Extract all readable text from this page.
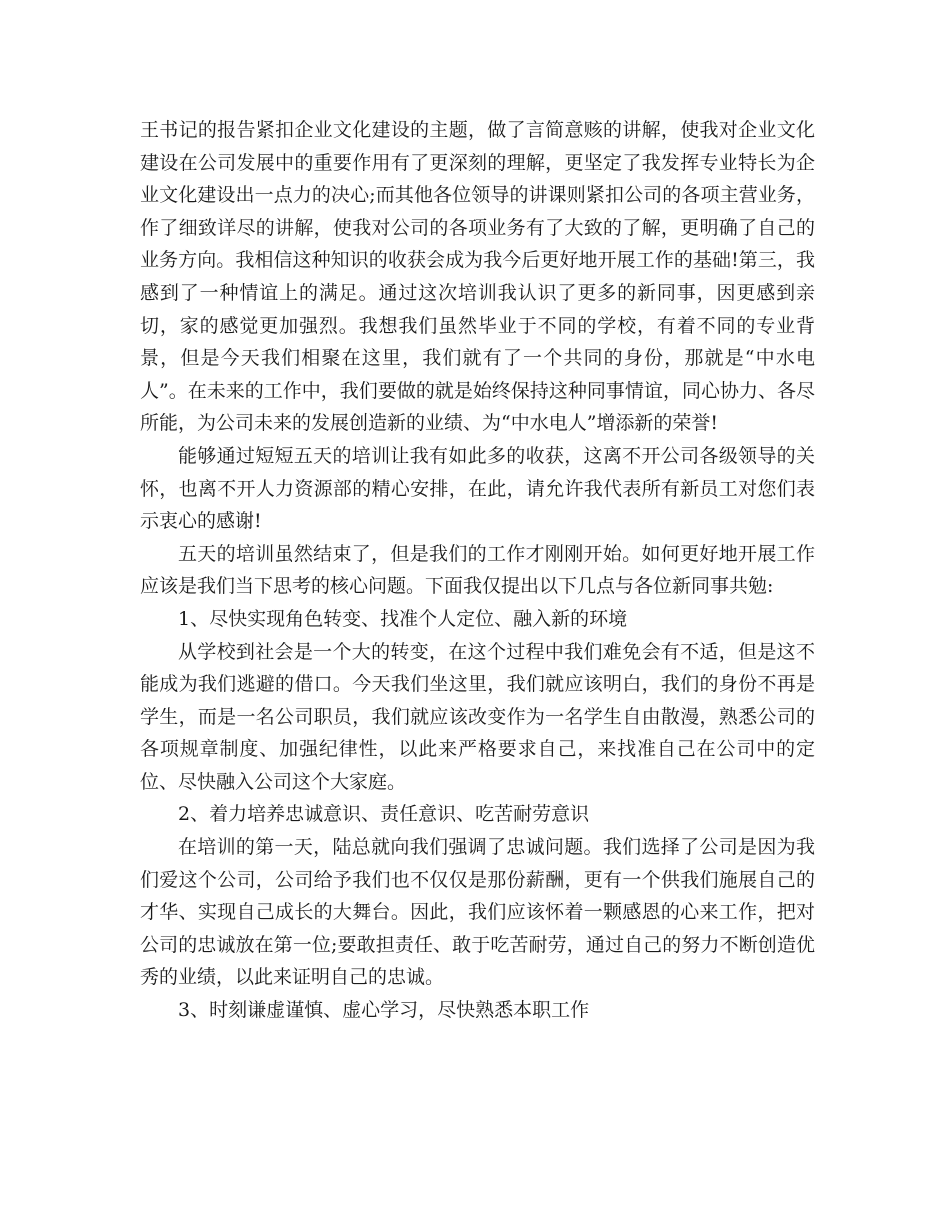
王书记的报告紧扣企业文化建设的主题，做了言简意赅的讲解，使我对企业文化建设在公司发展中的重要作用有了更深刻的理解，更坚定了我发挥专业特长为企业文化建设出一点力的决心;而其他各位领导的讲课则紧扣公司的各项主营业务，作了细致详尽的讲解，使我对公司的各项业务有了大致的了解，更明确了自己的业务方向。我相信这种知识的收获会成为我今后更好地开展工作的基础!第三，我感到了一种情谊上的满足。通过这次培训我认识了更多的新同事，因更感到亲切，家的感觉更加强烈。我想我们虽然毕业于不同的学校，有着不同的专业背景，但是今天我们相聚在这里，我们就有了一个共同的身份，那就是“中水电人”。在未来的工作中，我们要做的就是始终保持这种同事情谊，同心协力、各尽所能，为公司未来的发展创造新的业绩、为“中水电人”增添新的荣誉!

能够通过短短五天的培训让我有如此多的收获，这离不开公司各级领导的关怀，也离不开人力资源部的精心安排，在此，请允许我代表所有新员工对您们表示衷心的感谢!

五天的培训虽然结束了，但是我们的工作才刚刚开始。如何更好地开展工作应该是我们当下思考的核心问题。下面我仅提出以下几点与各位新同事共勉:

1、尽快实现角色转变、找准个人定位、融入新的环境

从学校到社会是一个大的转变，在这个过程中我们难免会有不适，但是这不能成为我们逃避的借口。今天我们坐这里，我们就应该明白，我们的身份不再是学生，而是一名公司职员，我们就应该改变作为一名学生自由散漫，熟悉公司的各项规章制度、加强纪律性，以此来严格要求自己，来找准自己在公司中的定位、尽快融入公司这个大家庭。

2、着力培养忠诚意识、责任意识、吃苦耐劳意识

在培训的第一天，陆总就向我们强调了忠诚问题。我们选择了公司是因为我们爱这个公司，公司给予我们也不仅仅是那份薪酬，更有一个供我们施展自己的才华、实现自己成长的大舞台。因此，我们应该怀着一颗感恩的心来工作，把对公司的忠诚放在第一位;要敢担责任、敢于吃苦耐劳，通过自己的努力不断创造优秀的业绩，以此来证明自己的忠诚。

3、时刻谦虚谨慎、虚心学习，尽快熟悉本职工作
